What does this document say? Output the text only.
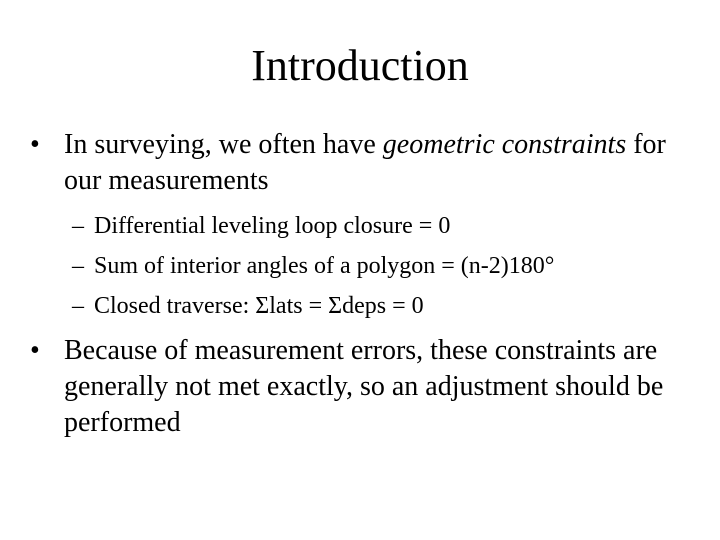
Introduction
• In surveying, we often have geometric constraints for our measurements
– Differential leveling loop closure = 0
– Sum of interior angles of a polygon = (n-2)180°
– Closed traverse: Σlats = Σdeps = 0
• Because of measurement errors, these constraints are generally not met exactly, so an adjustment should be performed
